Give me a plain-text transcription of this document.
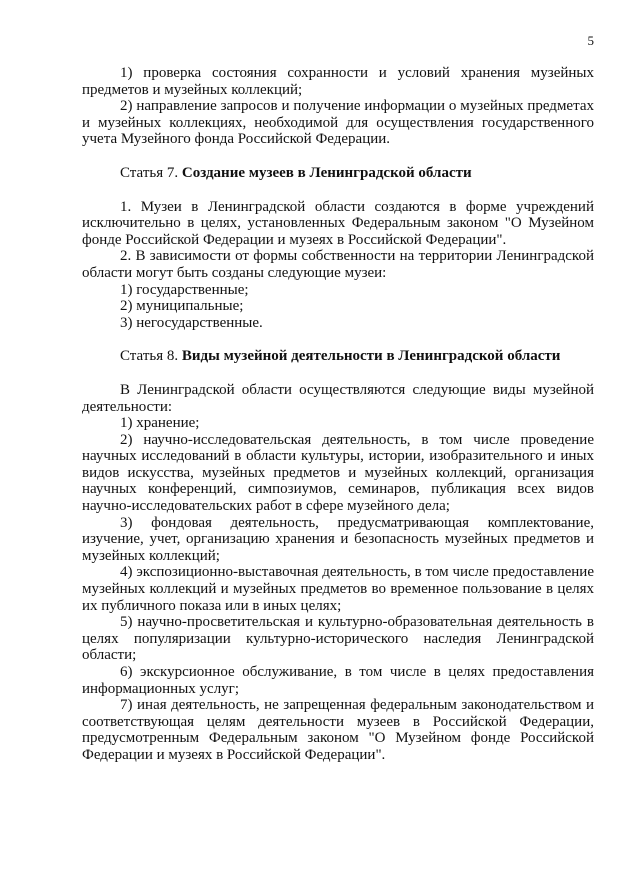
5

1) проверка состояния сохранности и условий хранения музейных предметов и музейных коллекций;

2) направление запросов и получение информации о музейных предметах и музейных коллекциях, необходимой для осуществления государственного учета Музейного фонда Российской Федерации.

Статья 7. Создание музеев в Ленинградской области

1. Музеи в Ленинградской области создаются в форме учреждений исключительно в целях, установленных Федеральным законом "О Музейном фонде Российской Федерации и музеях в Российской Федерации".

2. В зависимости от формы собственности на территории Ленинградской области могут быть созданы следующие музеи:

1) государственные;

2) муниципальные;

3) негосударственные.

Статья 8. Виды музейной деятельности в Ленинградской области

В Ленинградской области осуществляются следующие виды музейной деятельности:

1) хранение;

2) научно-исследовательская деятельность, в том числе проведение научных исследований в области культуры, истории, изобразительного и иных видов искусства, музейных предметов и музейных коллекций, организация научных конференций, симпозиумов, семинаров, публикация всех видов научно-исследовательских работ в сфере музейного дела;

3) фондовая деятельность, предусматривающая комплектование, изучение, учет, организацию хранения и безопасность музейных предметов и музейных коллекций;

4) экспозиционно-выставочная деятельность, в том числе предоставление музейных коллекций и музейных предметов во временное пользование в целях их публичного показа или в иных целях;

5) научно-просветительская и культурно-образовательная деятельность в целях популяризации культурно-исторического наследия Ленинградской области;

6) экскурсионное обслуживание, в том числе в целях предоставления информационных услуг;

7) иная деятельность, не запрещенная федеральным законодательством и соответствующая целям деятельности музеев в Российской Федерации, предусмотренным Федеральным законом "О Музейном фонде Российской Федерации и музеях в Российской Федерации".
